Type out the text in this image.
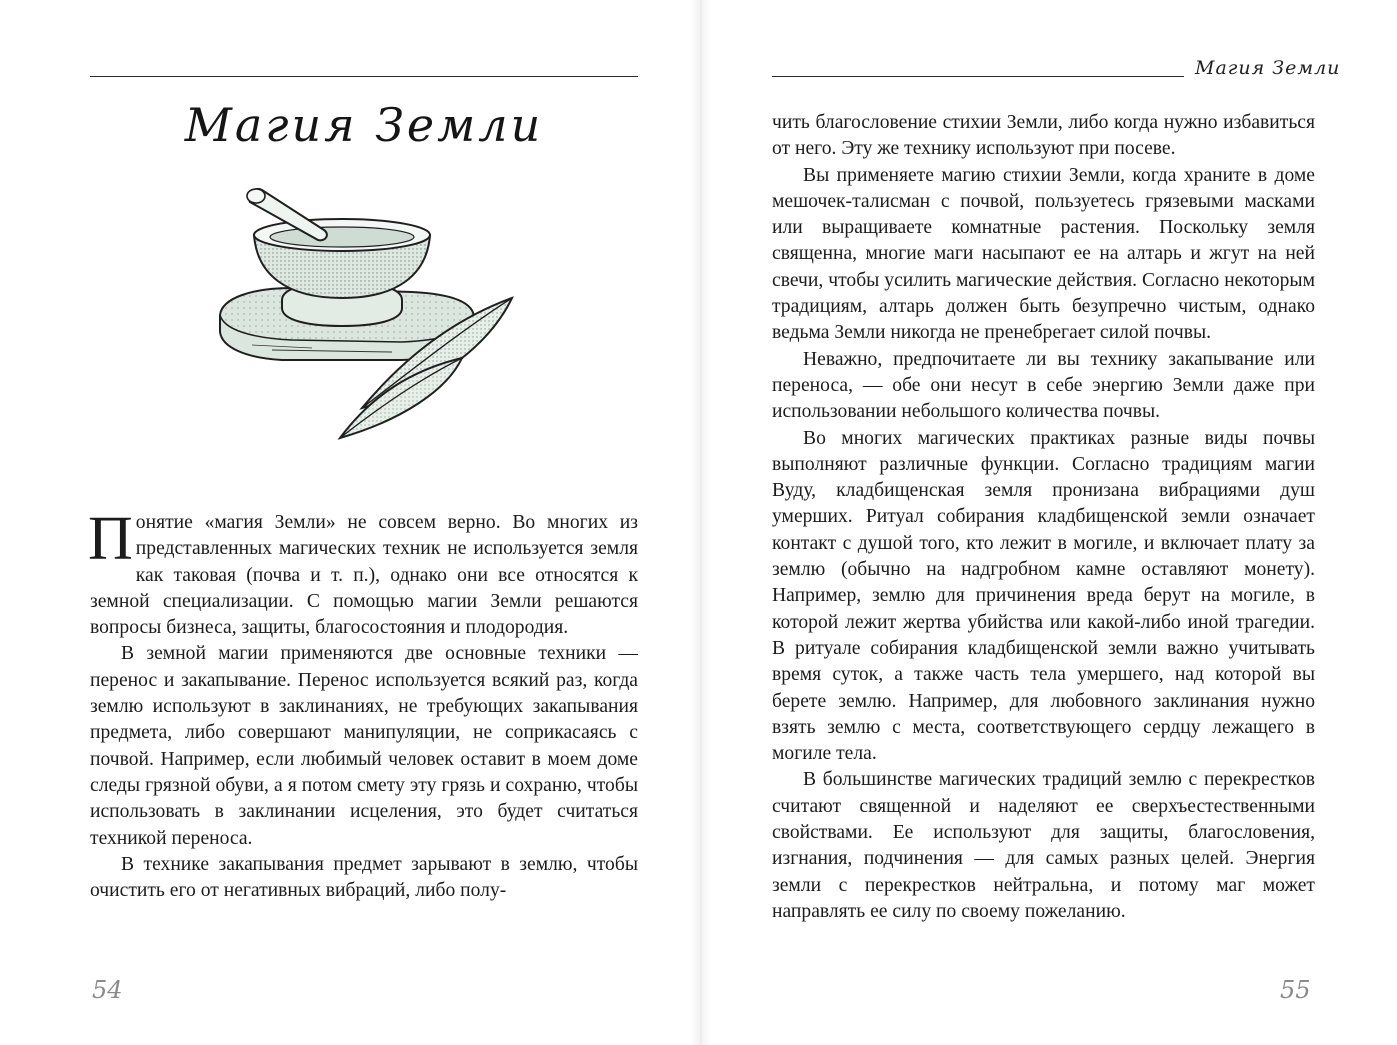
Магия Земли

Понятие «магия Земли» не совсем верно. Во многих из представленных магических техник не используется земля как таковая (почва и т. п.), однако они все относятся к земной специализации. С помощью магии Земли решаются вопросы бизнеса, защиты, благосостояния и плодородия.

В земной магии применяются две основные техники — перенос и закапывание. Перенос используется всякий раз, когда землю используют в заклинаниях, не требующих закапывания предмета, либо совершают манипуляции, не соприкасаясь с почвой. Например, если любимый человек оставит в моем доме следы грязной обуви, а я потом смету эту грязь и сохраню, чтобы использовать в заклинании исцеления, это будет считаться техникой переноса.

В технике закапывания предмет зарывают в землю, чтобы очистить его от негативных вибраций, либо полу-

54
Магия Земли

чить благословение стихии Земли, либо когда нужно избавиться от него. Эту же технику используют при посеве.

Вы применяете магию стихии Земли, когда храните в доме мешочек-талисман с почвой, пользуетесь грязевыми масками или выращиваете комнатные растения. Поскольку земля священна, многие маги насыпают ее на алтарь и жгут на ней свечи, чтобы усилить магические действия. Согласно некоторым традициям, алтарь должен быть безупречно чистым, однако ведьма Земли никогда не пренебрегает силой почвы.

Неважно, предпочитаете ли вы технику закапывание или переноса, — обе они несут в себе энергию Земли даже при использовании небольшого количества почвы.

Во многих магических практиках разные виды почвы выполняют различные функции. Согласно традициям магии Вуду, кладбищенская земля пронизана вибрациями душ умерших. Ритуал собирания кладбищенской земли означает контакт с душой того, кто лежит в могиле, и включает плату за землю (обычно на надгробном камне оставляют монету). Например, землю для причинения вреда берут на могиле, в которой лежит жертва убийства или какой-либо иной трагедии. В ритуале собирания кладбищенской земли важно учитывать время суток, а также часть тела умершего, над которой вы берете землю. Например, для любовного заклинания нужно взять землю с места, соответствующего сердцу лежащего в могиле тела.

В большинстве магических традиций землю с перекрестков считают священной и наделяют ее сверхъестественными свойствами. Ее используют для защиты, благословения, изгнания, подчинения — для самых разных целей. Энергия земли с перекрестков нейтральна, и потому маг может направлять ее силу по своему пожеланию.

55
